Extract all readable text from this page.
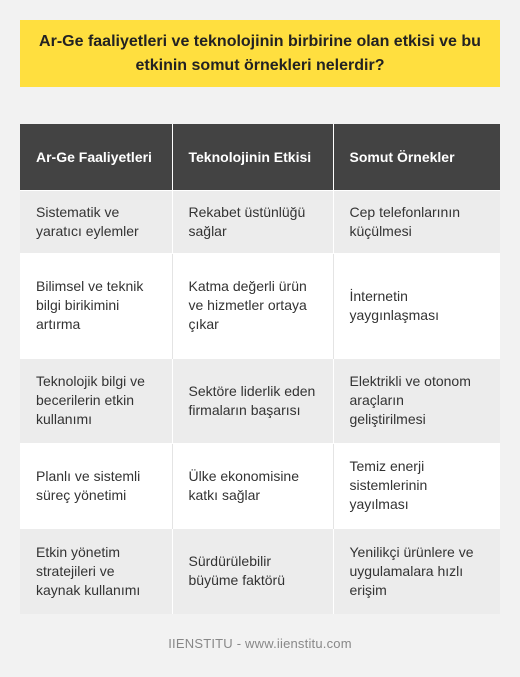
Ar-Ge faaliyetleri ve teknolojinin birbirine olan etkisi ve bu etkinin somut örnekleri nelerdir?
Ar-Ge Faaliyetleri	Teknolojinin Etkisi	Somut Örnekler
Sistematik ve yaratıcı eylemler	Rekabet üstünlüğü sağlar	Cep telefonlarının küçülmesi
Bilimsel ve teknik bilgi birikimini artırma	Katma değerli ürün ve hizmetler ortaya çıkar	İnternetin yaygınlaşması
Teknolojik bilgi ve becerilerin etkin kullanımı	Sektöre liderlik eden firmaların başarısı	Elektrikli ve otonom araçların geliştirilmesi
Planlı ve sistemli süreç yönetimi	Ülke ekonomisine katkı sağlar	Temiz enerji sistemlerinin yayılması
Etkin yönetim stratejileri ve kaynak kullanımı	Sürdürülebilir büyüme faktörü	Yenilikçi ürünlere ve uygulamalara hızlı erişim
IIENSTITU - www.iienstitu.com
